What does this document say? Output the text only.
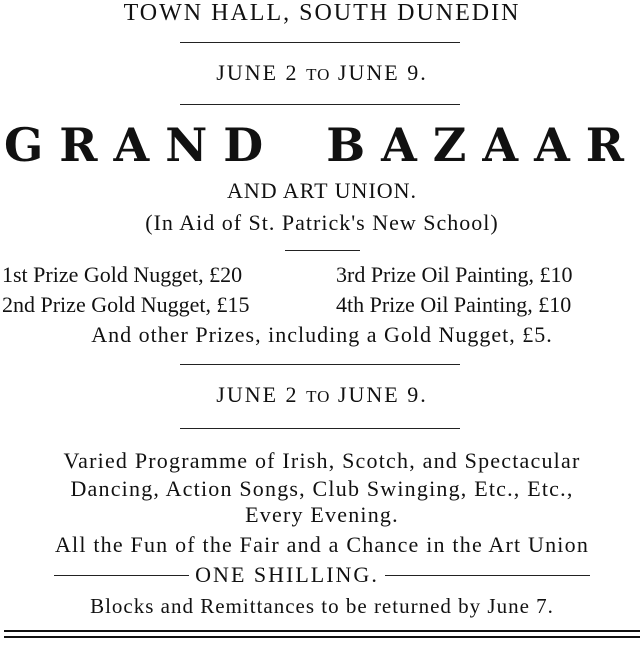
TOWN HALL, SOUTH DUNEDIN
JUNE 2 TO JUNE 9.
GRAND BAZAAR
AND ART UNION.
(In Aid of St. Patrick's New School)
1st Prize Gold Nugget, £20	3rd Prize Oil Painting, £10
2nd Prize Gold Nugget, £15	4th Prize Oil Painting, £10
And other Prizes, including a Gold Nugget, £5.
JUNE 2 TO JUNE 9.
Varied Programme of Irish, Scotch, and Spectacular
Dancing, Action Songs, Club Swinging, Etc., Etc.,
Every Evening.
All the Fun of the Fair and a Chance in the Art Union
ONE SHILLING.
Blocks and Remittances to be returned by June 7.
